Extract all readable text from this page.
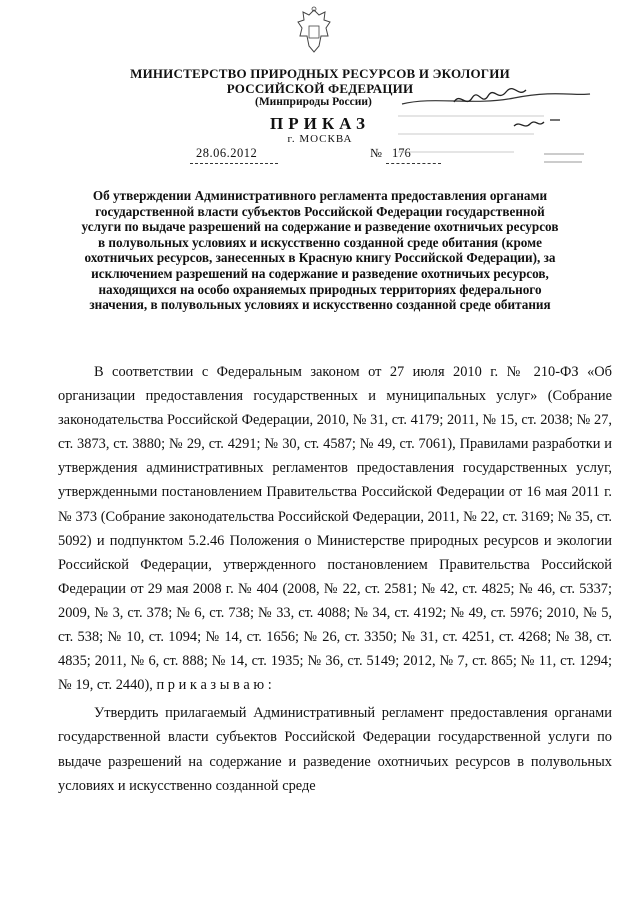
МИНИСТЕРСТВО ПРИРОДНЫХ РЕСУРСОВ И ЭКОЛОГИИ
РОССИЙСКОЙ ФЕДЕРАЦИИ
(Минприроды России)
ПРИКАЗ
г. МОСКВА
28.06.2012	№ 176
Об утверждении Административного регламента предоставления органами государственной власти субъектов Российской Федерации государственной услуги по выдаче разрешений на содержание и разведение охотничьих ресурсов в полувольных условиях и искусственно созданной среде обитания (кроме охотничьих ресурсов, занесенных в Красную книгу Российской Федерации), за исключением разрешений на содержание и разведение охотничьих ресурсов, находящихся на особо охраняемых природных территориях федерального значения, в полувольных условиях и искусственно созданной среде обитания

В соответствии с Федеральным законом от 27 июля 2010 г. № 210-ФЗ «Об организации предоставления государственных и муниципальных услуг» (Собрание законодательства Российской Федерации, 2010, № 31, ст. 4179; 2011, № 15, ст. 2038; № 27, ст. 3873, ст. 3880; № 29, ст. 4291; № 30, ст. 4587; № 49, ст. 7061), Правилами разработки и утверждения административных регламентов предоставления государственных услуг, утвержденными постановлением Правительства Российской Федерации от 16 мая 2011 г. № 373 (Собрание законодательства Российской Федерации, 2011, № 22, ст. 3169; № 35, ст. 5092) и подпунктом 5.2.46 Положения о Министерстве природных ресурсов и экологии Российской Федерации, утвержденного постановлением Правительства Российской Федерации от 29 мая 2008 г. № 404 (2008, № 22, ст. 2581; № 42, ст. 4825; № 46, ст. 5337; 2009, № 3, ст. 378; № 6, ст. 738; № 33, ст. 4088; № 34, ст. 4192; № 49, ст. 5976; 2010, № 5, ст. 538; № 10, ст. 1094; № 14, ст. 1656; № 26, ст. 3350; № 31, ст. 4251, ст. 4268; № 38, ст. 4835; 2011, № 6, ст. 888; № 14, ст. 1935; № 36, ст. 5149; 2012, № 7, ст. 865; № 11, ст. 1294; № 19, ст. 2440), п р и к а з ы в а ю :

Утвердить прилагаемый Административный регламент предоставления органами государственной власти субъектов Российской Федерации государственной услуги по выдаче разрешений на содержание и разведение охотничьих ресурсов в полувольных условиях и искусственно созданной среде
